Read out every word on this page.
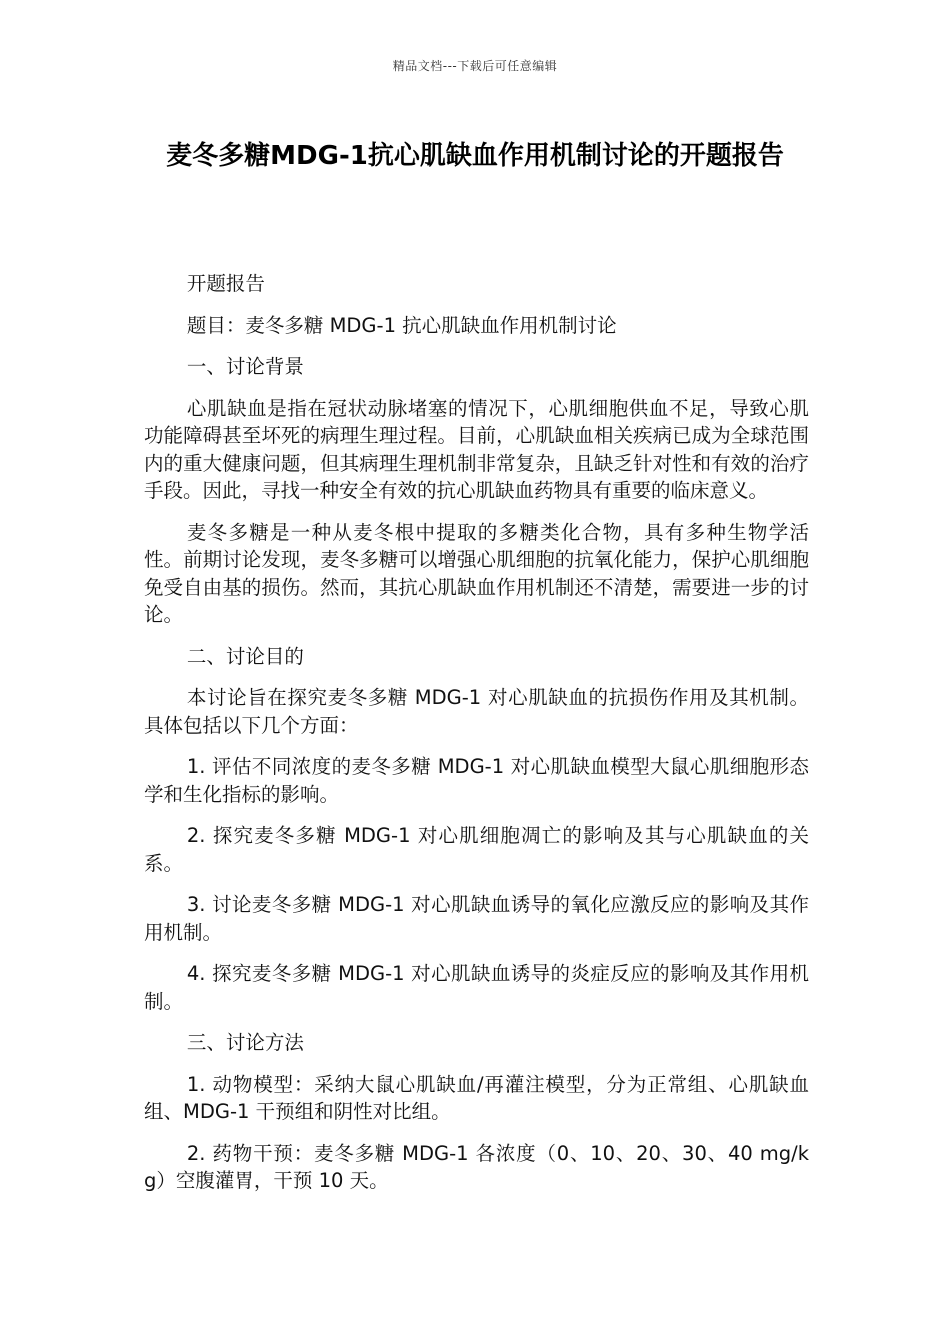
精品文档---下载后可任意编辑
麦冬多糖MDG-1抗心肌缺血作用机制讨论的开题报告

开题报告

题目：麦冬多糖 MDG-1 抗心肌缺血作用机制讨论

一、讨论背景

心肌缺血是指在冠状动脉堵塞的情况下，心肌细胞供血不足，导致心肌功能障碍甚至坏死的病理生理过程。目前，心肌缺血相关疾病已成为全球范围内的重大健康问题，但其病理生理机制非常复杂，且缺乏针对性和有效的治疗手段。因此，寻找一种安全有效的抗心肌缺血药物具有重要的临床意义。

麦冬多糖是一种从麦冬根中提取的多糖类化合物，具有多种生物学活性。前期讨论发现，麦冬多糖可以增强心肌细胞的抗氧化能力，保护心肌细胞免受自由基的损伤。然而，其抗心肌缺血作用机制还不清楚，需要进一步的讨论。

二、讨论目的

本讨论旨在探究麦冬多糖 MDG-1 对心肌缺血的抗损伤作用及其机制。具体包括以下几个方面：

1. 评估不同浓度的麦冬多糖 MDG-1 对心肌缺血模型大鼠心肌细胞形态学和生化指标的影响。

2. 探究麦冬多糖 MDG-1 对心肌细胞凋亡的影响及其与心肌缺血的关系。

3. 讨论麦冬多糖 MDG-1 对心肌缺血诱导的氧化应激反应的影响及其作用机制。

4. 探究麦冬多糖 MDG-1 对心肌缺血诱导的炎症反应的影响及其作用机制。

三、讨论方法

1. 动物模型：采纳大鼠心肌缺血/再灌注模型，分为正常组、心肌缺血组、MDG-1 干预组和阴性对比组。

2. 药物干预：麦冬多糖 MDG-1 各浓度（0、10、20、30、40 mg/kg）空腹灌胃，干预 10 天。
